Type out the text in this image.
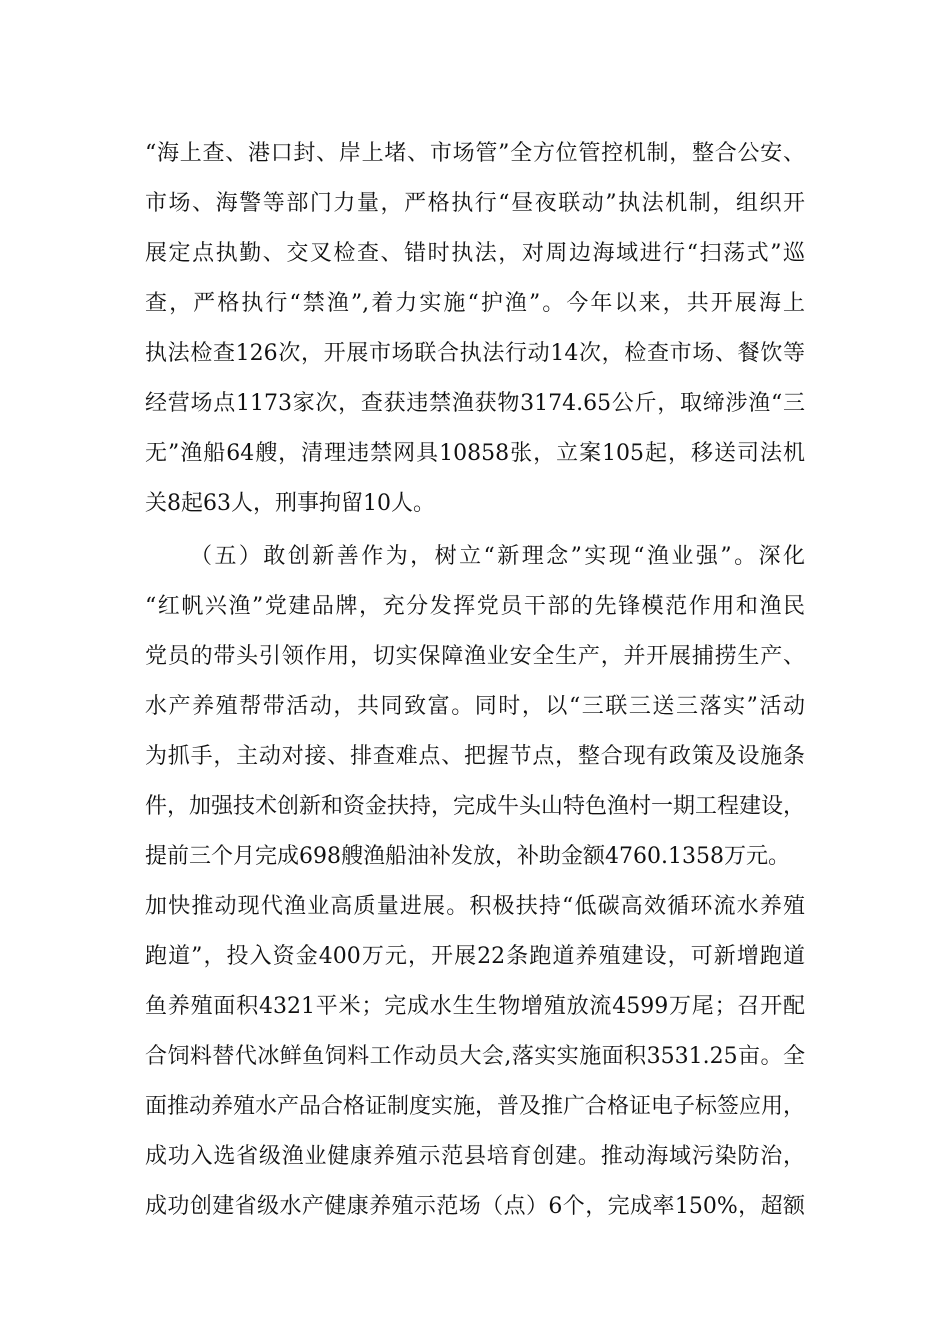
“海上查、港口封、岸上堵、市场管”全方位管控机制，整合公安、
市场、海警等部门力量，严格执行“昼夜联动”执法机制，组织开
展定点执勤、交叉检查、错时执法，对周边海域进行“扫荡式”巡
查，严格执行“禁渔”,着力实施“护渔”。今年以来，共开展海上
执法检查126次，开展市场联合执法行动14次，检查市场、餐饮等
经营场点1173家次，查获违禁渔获物3174.65公斤，取缔涉渔“三
无”渔船64艘，清理违禁网具10858张，立案105起，移送司法机
关8起63人，刑事拘留10人。
（五）敢创新善作为，树立“新理念”实现“渔业强”。深化
“红帆兴渔”党建品牌，充分发挥党员干部的先锋模范作用和渔民
党员的带头引领作用，切实保障渔业安全生产，并开展捕捞生产、
水产养殖帮带活动，共同致富。同时，以“三联三送三落实”活动
为抓手，主动对接、排查难点、把握节点，整合现有政策及设施条
件，加强技术创新和资金扶持，完成牛头山特色渔村一期工程建设，
提前三个月完成698艘渔船油补发放，补助金额4760.1358万元。
加快推动现代渔业高质量进展。积极扶持“低碳高效循环流水养殖
跑道”，投入资金400万元，开展22条跑道养殖建设，可新增跑道
鱼养殖面积4321平米；完成水生生物增殖放流4599万尾；召开配
合饲料替代冰鲜鱼饲料工作动员大会,落实实施面积3531.25亩。全
面推动养殖水产品合格证制度实施，普及推广合格证电子标签应用，
成功入选省级渔业健康养殖示范县培育创建。推动海域污染防治，
成功创建省级水产健康养殖示范场（点）6个，完成率150%，超额
